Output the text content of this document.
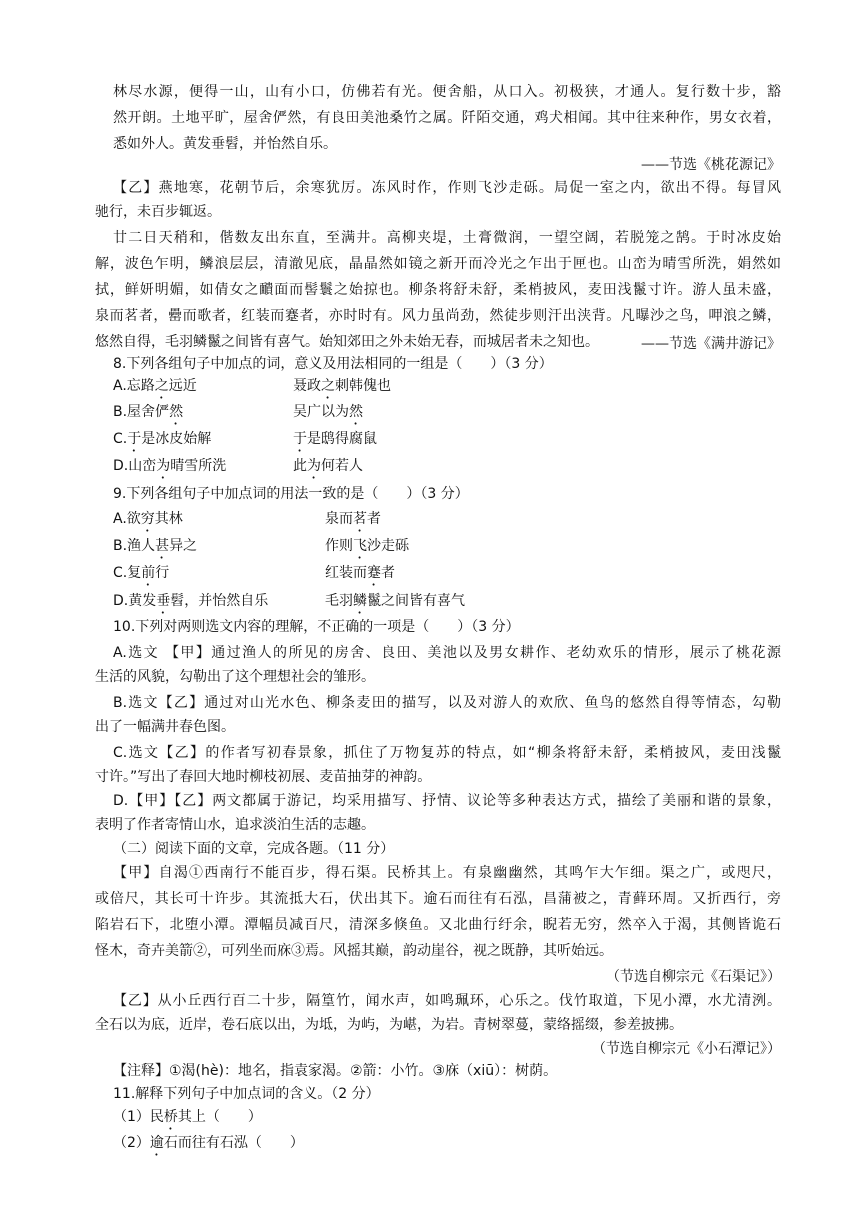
林尽水源，便得一山，山有小口，仿佛若有光。便舍船，从口入。初极狭，才通人。复行数十步，豁
然开朗。土地平旷，屋舍俨然，有良田美池桑竹之属。阡陌交通，鸡犬相闻。其中往来种作，男女衣着，
悉如外人。黄发垂髫，并怡然自乐。
——节选《桃花源记》
【乙】燕地寒，花朝节后，余寒犹厉。冻风时作，作则飞沙走砾。局促一室之内，欲出不得。每冒风
驰行，未百步辄返。
廿二日天稍和，偕数友出东直，至满井。高柳夹堤，土膏微润，一望空阔，若脱笼之鹄。于时冰皮始
解，波色乍明，鳞浪层层，清澈见底，晶晶然如镜之新开而冷光之乍出于匣也。山峦为晴雪所洗，娟然如
拭，鲜妍明媚，如倩女之靧面而髻鬟之始掠也。柳条将舒未舒，柔梢披风，麦田浅鬣寸许。游人虽未盛，
泉而茗者，罍而歌者，红装而蹇者，亦时时有。风力虽尚劲，然徒步则汗出浃背。凡曝沙之鸟，呷浪之鳞，
悠然自得，毛羽鳞鬣之间皆有喜气。始知郊田之外未始无春，而城居者未之知也。	——节选《满井游记》
8.下列各组句子中加点的词，意义及用法相同的一组是（　　）（3 分）
A.忘路之远近	聂政之刺韩傀也
B.屋舍俨然	吴广以为然
C.于是冰皮始解	于是鸱得腐鼠
D.山峦为晴雪所洗	此为何若人
9.下列各组句子中加点词的用法一致的是（　　）（3 分）
A.欲穷其林	泉而茗者
B.渔人甚异之	作则飞沙走砾
C.复前行	红装而蹇者
D.黄发垂髫，并怡然自乐	毛羽鳞鬣之间皆有喜气
10.下列对两则选文内容的理解，不正确的一项是（　　）（3 分）
A.选文 【甲】通过渔人的所见的房舍、良田、美池以及男女耕作、老幼欢乐的情形，展示了桃花源
生活的风貌，勾勒出了这个理想社会的雏形。
B.选文【乙】通过对山光水色、柳条麦田的描写，以及对游人的欢欣、鱼鸟的悠然自得等情态，勾勒
出了一幅满井春色图。
C.选文【乙】的作者写初春景象，抓住了万物复苏的特点，如“柳条将舒未舒，柔梢披风，麦田浅鬣
寸许。”写出了春回大地时柳枝初展、麦苗抽芽的神韵。
D.【甲】【乙】两文都属于游记，均采用描写、抒情、议论等多种表达方式，描绘了美丽和谐的景象，
表明了作者寄情山水，追求淡泊生活的志趣。
（二）阅读下面的文章，完成各题。（11 分）
【甲】自渴①西南行不能百步，得石渠。民桥其上。有泉幽幽然，其鸣乍大乍细。渠之广，或咫尺，
或倍尺，其长可十许步。其流抵大石，伏出其下。逾石而往有石泓，昌蒲被之，青藓环周。又折西行，旁
陷岩石下，北堕小潭。潭幅员减百尺，清深多倏鱼。又北曲行纡余，睨若无穷，然卒入于渴，其侧皆诡石
怪木，奇卉美箭②，可列坐而庥③焉。风摇其巅，韵动崖谷，视之既静，其听始远。
（节选自柳宗元《石渠记》）
【乙】从小丘西行百二十步，隔篁竹，闻水声，如鸣珮环，心乐之。伐竹取道，下见小潭，水尤清洌。
全石以为底，近岸，卷石底以出，为坻，为屿，为嵁，为岩。青树翠蔓，蒙络摇缀，参差披拂。
（节选自柳宗元《小石潭记》）
【注释】①渴(hè)：地名，指袁家渴。②箭：小竹。③庥（xiū）：树荫。
11.解释下列句子中加点词的含义。（2 分）
（1）民桥其上（　　）
（2）逾石而往有石泓（　　）
